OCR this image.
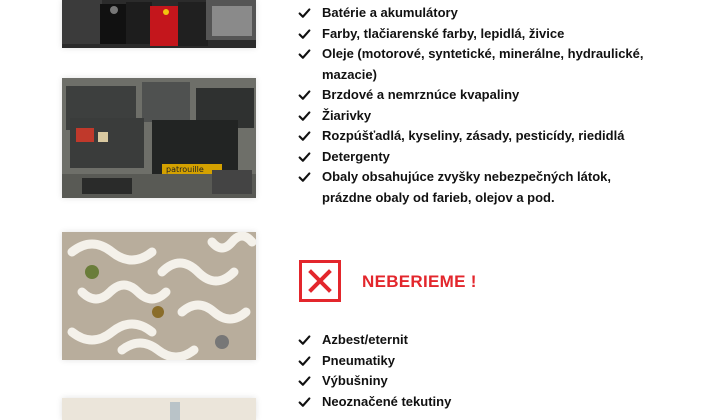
patrouille
Batérie a akumulátory
Farby, tlačiarenské farby, lepidlá, živice
Oleje (motorové, syntetické, minerálne, hydraulické, mazacie)
Brzdové a nemrznúce kvapaliny
Žiarivky
Rozpúšťadlá, kyseliny, zásady, pesticídy, riedidlá
Detergenty
Obaly obsahujúce zvyšky nebezpečných látok, prázdne obaly od farieb, olejov a pod.
NEBERIEME !
Azbest/eternit
Pneumatiky
Výbušniny
Neoznačené tekutiny
